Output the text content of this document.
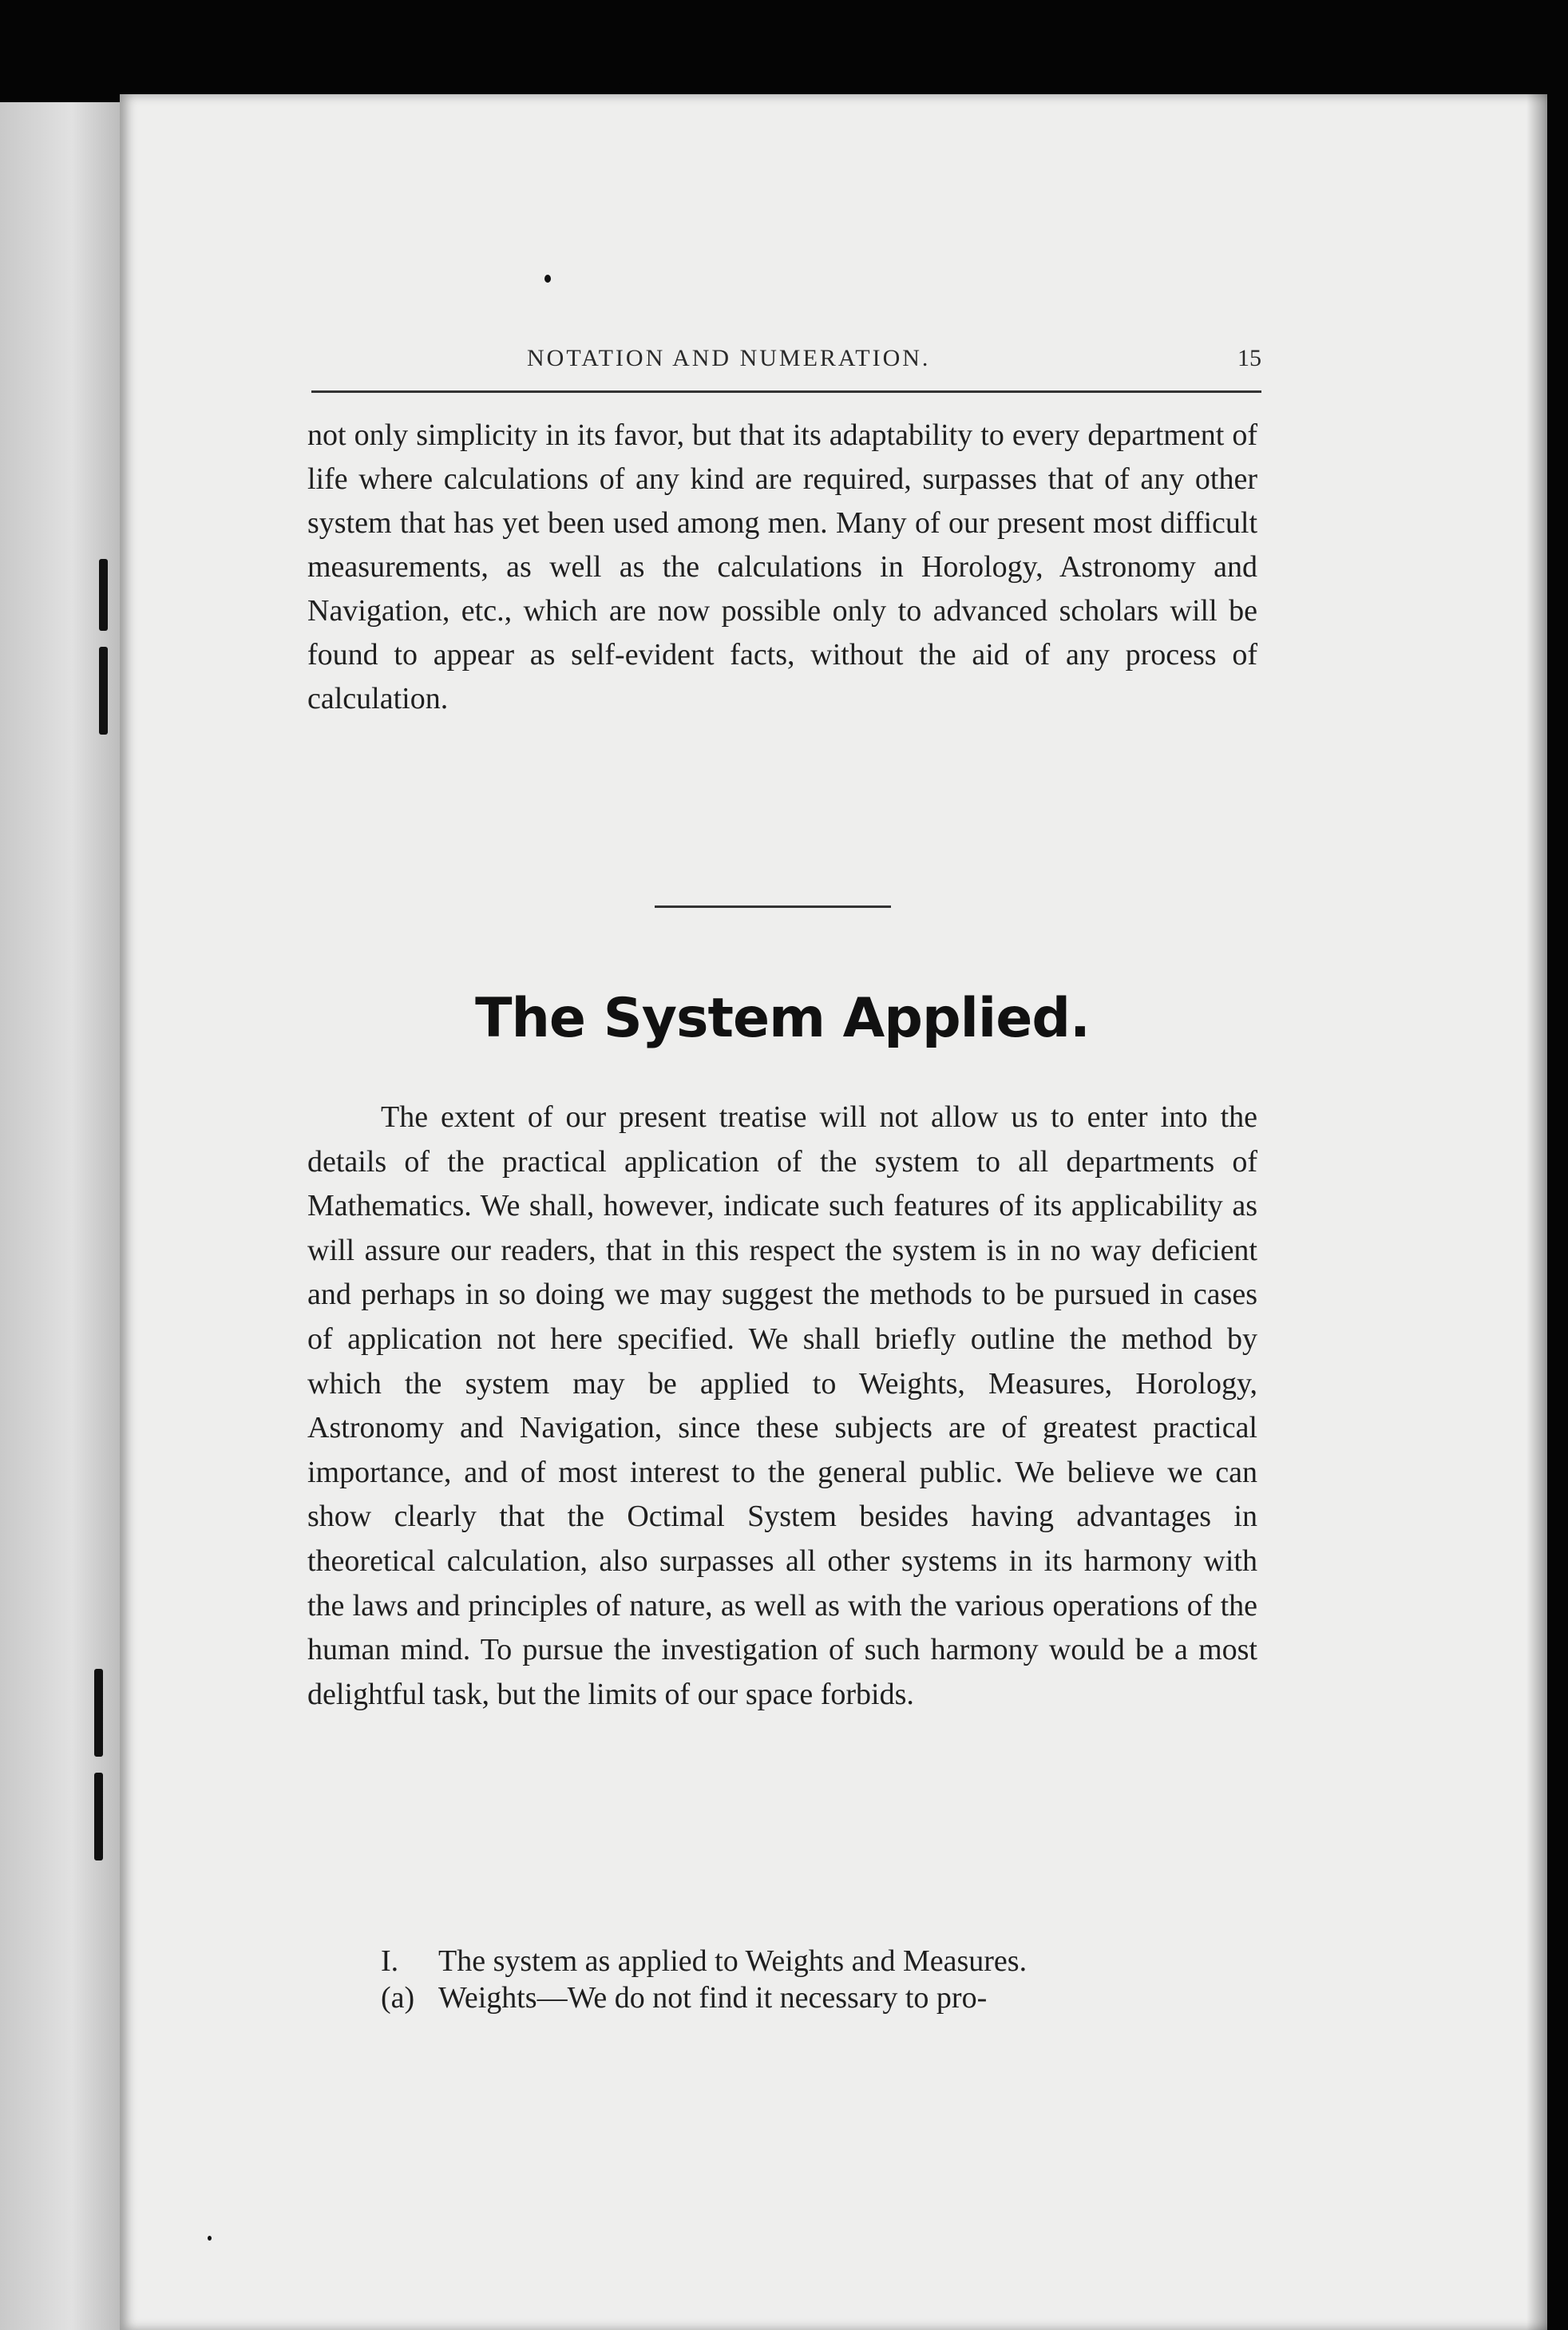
NOTATION AND NUMERATION.	15
not only simplicity in its favor, but that its adaptability to every department of life where calculations of any kind are required, surpasses that of any other system that has yet been used among men. Many of our present most difficult measurements, as well as the calculations in Horology, Astronomy and Navigation, etc., which are now possible only to advanced scholars will be found to appear as self-evident facts, without the aid of any process of calculation.
The System Applied.

The extent of our present treatise will not allow us to enter into the details of the practical application of the system to all departments of Mathematics. We shall, however, indicate such features of its applicability as will assure our readers, that in this respect the system is in no way deficient and perhaps in so doing we may suggest the methods to be pursued in cases of application not here specified. We shall briefly outline the method by which the system may be applied to Weights, Measures, Horology, Astronomy and Navigation, since these subjects are of greatest practical importance, and of most interest to the general public. We believe we can show clearly that the Octimal System besides having advantages in theoretical calculation, also surpasses all other systems in its harmony with the laws and principles of nature, as well as with the various operations of the human mind. To pursue the investigation of such harmony would be a most delightful task, but the limits of our space forbids.

I. The system as applied to Weights and Measures.
(a) Weights—We do not find it necessary to pro-
